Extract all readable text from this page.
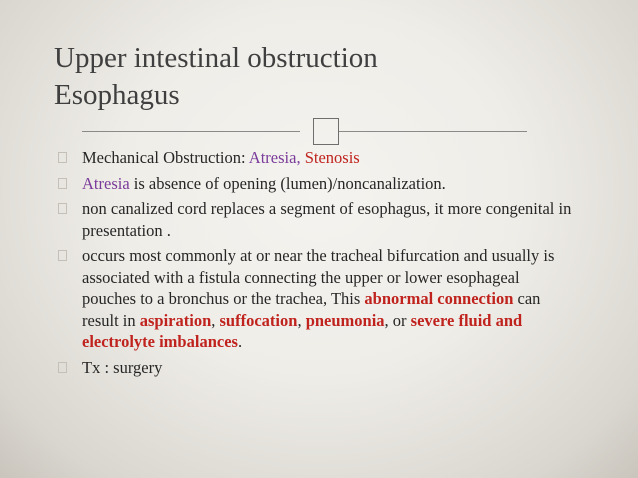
Upper intestinal obstruction
Esophagus
Mechanical Obstruction: Atresia, Stenosis
Atresia is absence of opening (lumen)/noncanalization.
non canalized cord replaces a segment of esophagus, it more congenital in presentation .
occurs most commonly at or near the tracheal bifurcation and usually is associated with a fistula connecting the upper or lower esophageal pouches to a bronchus or the trachea, This abnormal connection can result in aspiration, suffocation, pneumonia, or severe fluid and electrolyte imbalances.
Tx : surgery
